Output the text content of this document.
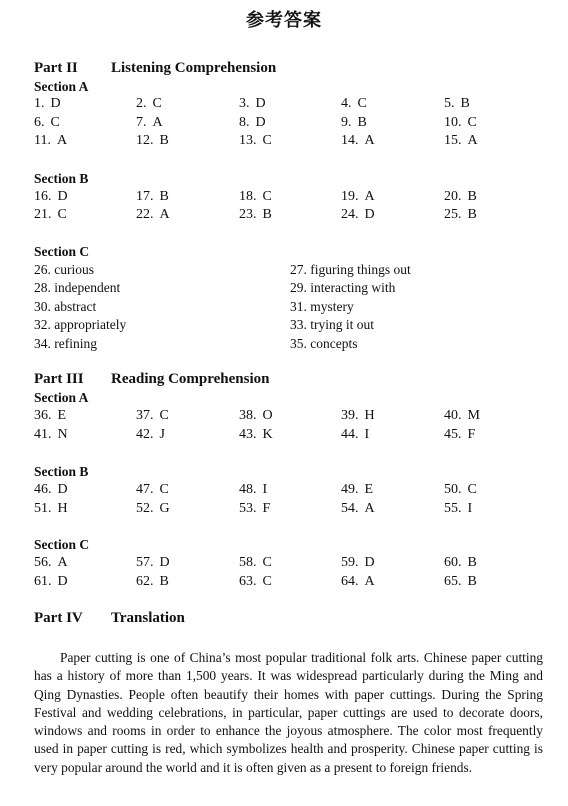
参考答案
Part II Listening Comprehension
Section A
1. D	2. C	3. D	4. C	5. B
6. C	7. A	8. D	9. B	10. C
11. A	12. B	13. C	14. A	15. A
Section B
16. D	17. B	18. C	19. A	20. B
21. C	22. A	23. B	24. D	25. B
Section C
26. curious	27. figuring things out
28. independent	29. interacting with
30. abstract	31. mystery
32. appropriately	33. trying it out
34. refining	35. concepts
Part III Reading Comprehension
Section A
36. E	37. C	38. O	39. H	40. M
41. N	42. J	43. K	44. I	45. F
Section B
46. D	47. C	48. I	49. E	50. C
51. H	52. G	53. F	54. A	55. I
Section C
56. A	57. D	58. C	59. D	60. B
61. D	62. B	63. C	64. A	65. B
Part IV Translation

Paper cutting is one of China’s most popular traditional folk arts. Chinese paper cutting has a history of more than 1,500 years. It was widespread particularly during the Ming and Qing Dynasties. People often beautify their homes with paper cuttings. During the Spring Festival and wedding celebrations, in particular, paper cuttings are used to decorate doors, windows and rooms in order to enhance the joyous atmosphere. The color most frequently used in paper cutting is red, which symbolizes health and prosperity. Chinese paper cutting is very popular around the world and it is often given as a present to foreign friends.
